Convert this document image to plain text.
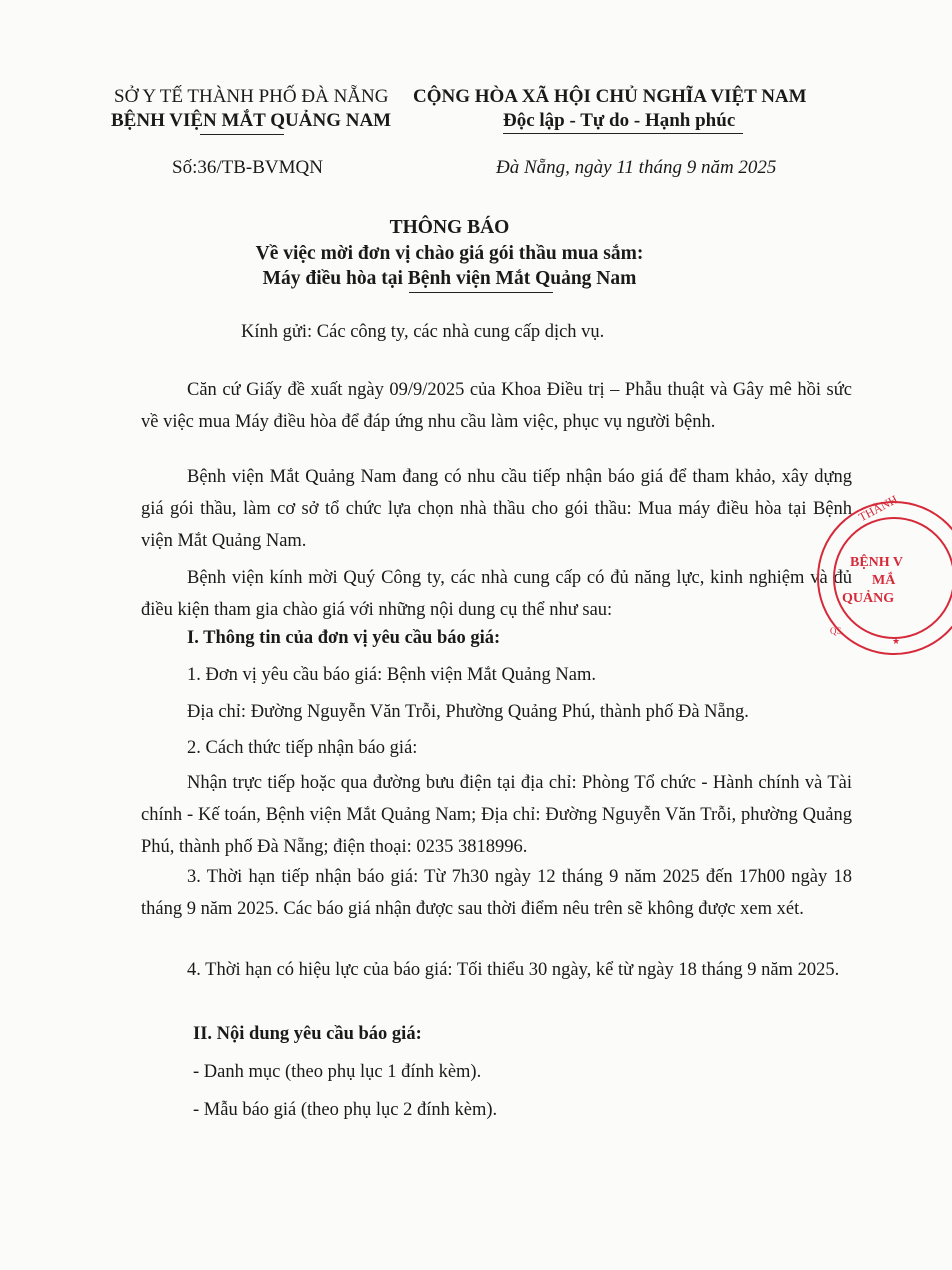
SỞ Y TẾ THÀNH PHỐ ĐÀ NẴNG
BỆNH VIỆN MẮT QUẢNG NAM
CỘNG HÒA XÃ HỘI CHỦ NGHĨA VIỆT NAM
Độc lập - Tự do - Hạnh phúc
Số:36/TB-BVMQN	Đà Nẵng, ngày 11 tháng 9 năm 2025
THÔNG BÁO
Về việc mời đơn vị chào giá gói thầu mua sắm:
Máy điều hòa tại Bệnh viện Mắt Quảng Nam
Kính gửi: Các công ty, các nhà cung cấp dịch vụ.
Căn cứ Giấy đề xuất ngày 09/9/2025 của Khoa Điều trị – Phẫu thuật và Gây mê hồi sức về việc mua Máy điều hòa để đáp ứng nhu cầu làm việc, phục vụ người bệnh.
Bệnh viện Mắt Quảng Nam đang có nhu cầu tiếp nhận báo giá để tham khảo, xây dựng giá gói thầu, làm cơ sở tổ chức lựa chọn nhà thầu cho gói thầu: Mua máy điều hòa tại Bệnh viện Mắt Quảng Nam.
Bệnh viện kính mời Quý Công ty, các nhà cung cấp có đủ năng lực, kinh nghiệm và đủ điều kiện tham gia chào giá với những nội dung cụ thể như sau:
I. Thông tin của đơn vị yêu cầu báo giá:
1. Đơn vị yêu cầu báo giá: Bệnh viện Mắt Quảng Nam.
Địa chỉ: Đường Nguyễn Văn Trỗi, Phường Quảng Phú, thành phố Đà Nẵng.
2. Cách thức tiếp nhận báo giá:
Nhận trực tiếp hoặc qua đường bưu điện tại địa chỉ: Phòng Tổ chức - Hành chính và Tài chính - Kế toán, Bệnh viện Mắt Quảng Nam; Địa chỉ: Đường Nguyễn Văn Trỗi, phường Quảng Phú, thành phố Đà Nẵng; điện thoại: 0235 3818996.
3. Thời hạn tiếp nhận báo giá: Từ 7h30 ngày 12 tháng 9 năm 2025 đến 17h00 ngày 18 tháng 9 năm 2025. Các báo giá nhận được sau thời điểm nêu trên sẽ không được xem xét.
4. Thời hạn có hiệu lực của báo giá: Tối thiểu 30 ngày, kể từ ngày 18 tháng 9 năm 2025.
II. Nội dung yêu cầu báo giá:
- Danh mục (theo phụ lục 1 đính kèm).
- Mẫu báo giá (theo phụ lục 2 đính kèm).
THÀNH
BỆNH V
MẮ
QUẢNG
QS
★
